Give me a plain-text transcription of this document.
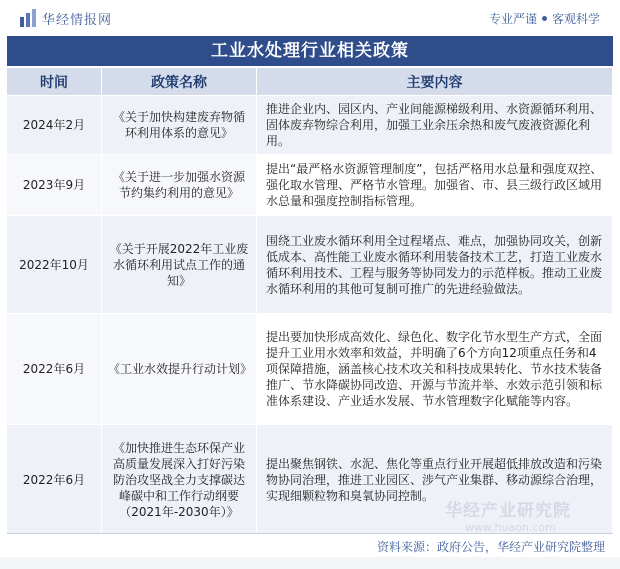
华经情报网	专业严谨 客观科学
工业水处理行业相关政策
时间	政策名称	主要内容
2024年2月	《关于加快构建废弃物循环利用体系的意见》	推进企业内、园区内、产业间能源梯级利用、水资源循环利用、固体废弃物综合利用，加强工业余压余热和废气废液资源化利用。
2023年9月	《关于进一步加强水资源节约集约利用的意见》	提出“最严格水资源管理制度”，包括严格用水总量和强度双控、强化取水管理、严格节水管理。加强省、市、县三级行政区域用水总量和强度控制指标管理。
2022年10月	《关于开展2022年工业废水循环利用试点工作的通知》	围绕工业废水循环利用全过程堵点、难点，加强协同攻关，创新低成本、高性能工业废水循环利用装备技术工艺，打造工业废水循环利用技术、工程与服务等协同发力的示范样板。推动工业废水循环利用的其他可复制可推广的先进经验做法。
2022年6月	《工业水效提升行动计划》	提出要加快形成高效化、绿色化、数字化节水型生产方式，全面提升工业用水效率和效益，并明确了6个方向12项重点任务和4项保障措施，涵盖核心技术攻关和科技成果转化、节水技术装备推广、节水降碳协同改造、开源与节流并举、水效示范引领和标准体系建设、产业适水发展、节水管理数字化赋能等内容。
2022年6月	《加快推进生态环保产业高质量发展深入打好污染防治攻坚战全力支撑碳达峰碳中和工作行动纲要（2021年-2030年）》	提出聚焦钢铁、水泥、焦化等重点行业开展超低排放改造和污染物协同治理，推进工业园区、涉气产业集群、移动源综合治理，实现细颗粒物和臭氧协同控制。
华经产业研究院
www.huaon.com
资料来源：政府公告，华经产业研究院整理
